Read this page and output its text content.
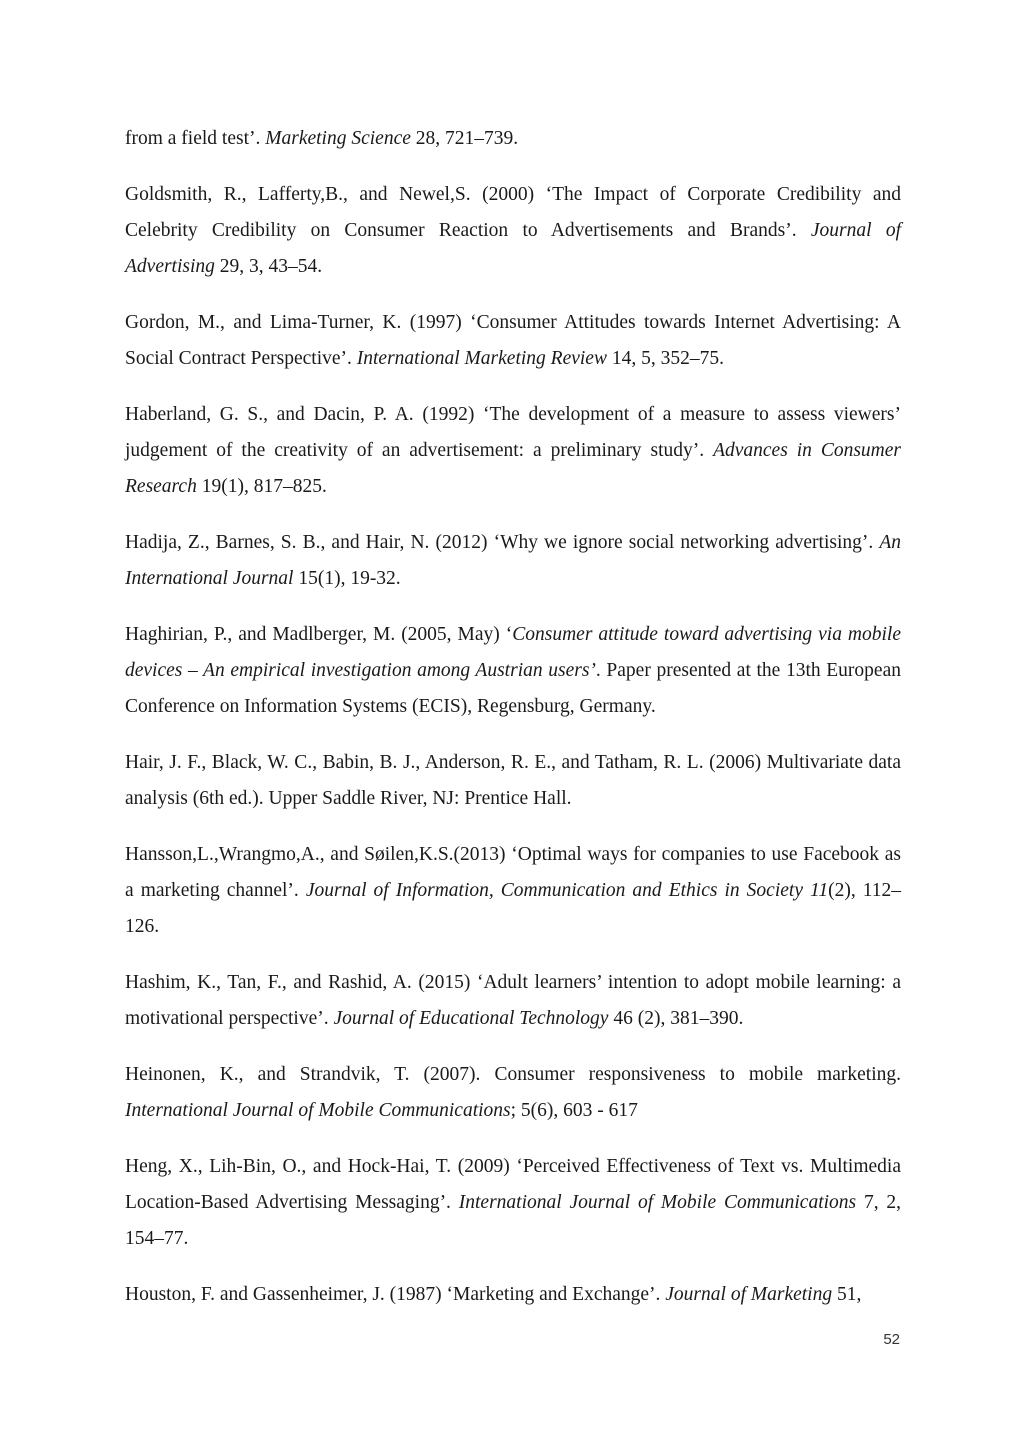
from a field test’. Marketing Science 28, 721–739.

Goldsmith, R., Lafferty,B., and Newel,S. (2000) ‘The Impact of Corporate Credibility and Celebrity Credibility on Consumer Reaction to Advertisements and Brands’. Journal of Advertising 29, 3, 43–54.

Gordon, M., and Lima-Turner, K. (1997) ‘Consumer Attitudes towards Internet Advertising: A Social Contract Perspective’. International Marketing Review 14, 5, 352–75.

Haberland, G. S., and Dacin, P. A. (1992) ‘The development of a measure to assess viewers’ judgement of the creativity of an advertisement: a preliminary study’. Advances in Consumer Research 19(1), 817–825.

Hadija, Z., Barnes, S. B., and Hair, N. (2012) ‘Why we ignore social networking advertising’. An International Journal 15(1), 19-32.

Haghirian, P., and Madlberger, M. (2005, May) ‘Consumer attitude toward advertising via mobile devices – An empirical investigation among Austrian users’. Paper presented at the 13th European Conference on Information Systems (ECIS), Regensburg, Germany.

Hair, J. F., Black, W. C., Babin, B. J., Anderson, R. E., and Tatham, R. L. (2006) Multivariate data analysis (6th ed.). Upper Saddle River, NJ: Prentice Hall.

Hansson,L.,Wrangmo,A., and Søilen,K.S.(2013) ‘Optimal ways for companies to use Facebook as a marketing channel’. Journal of Information, Communication and Ethics in Society 11(2), 112–126.

Hashim, K., Tan, F., and Rashid, A. (2015) ‘Adult learners’ intention to adopt mobile learning: a motivational perspective’. Journal of Educational Technology 46 (2), 381–390.

Heinonen, K., and Strandvik, T. (2007). Consumer responsiveness to mobile marketing. International Journal of Mobile Communications; 5(6), 603 - 617

Heng, X., Lih-Bin, O., and Hock-Hai, T. (2009) ‘Perceived Effectiveness of Text vs. Multimedia Location-Based Advertising Messaging’. International Journal of Mobile Communications 7, 2, 154–77.

Houston, F. and Gassenheimer, J. (1987) ‘Marketing and Exchange’. Journal of Marketing 51,

52
